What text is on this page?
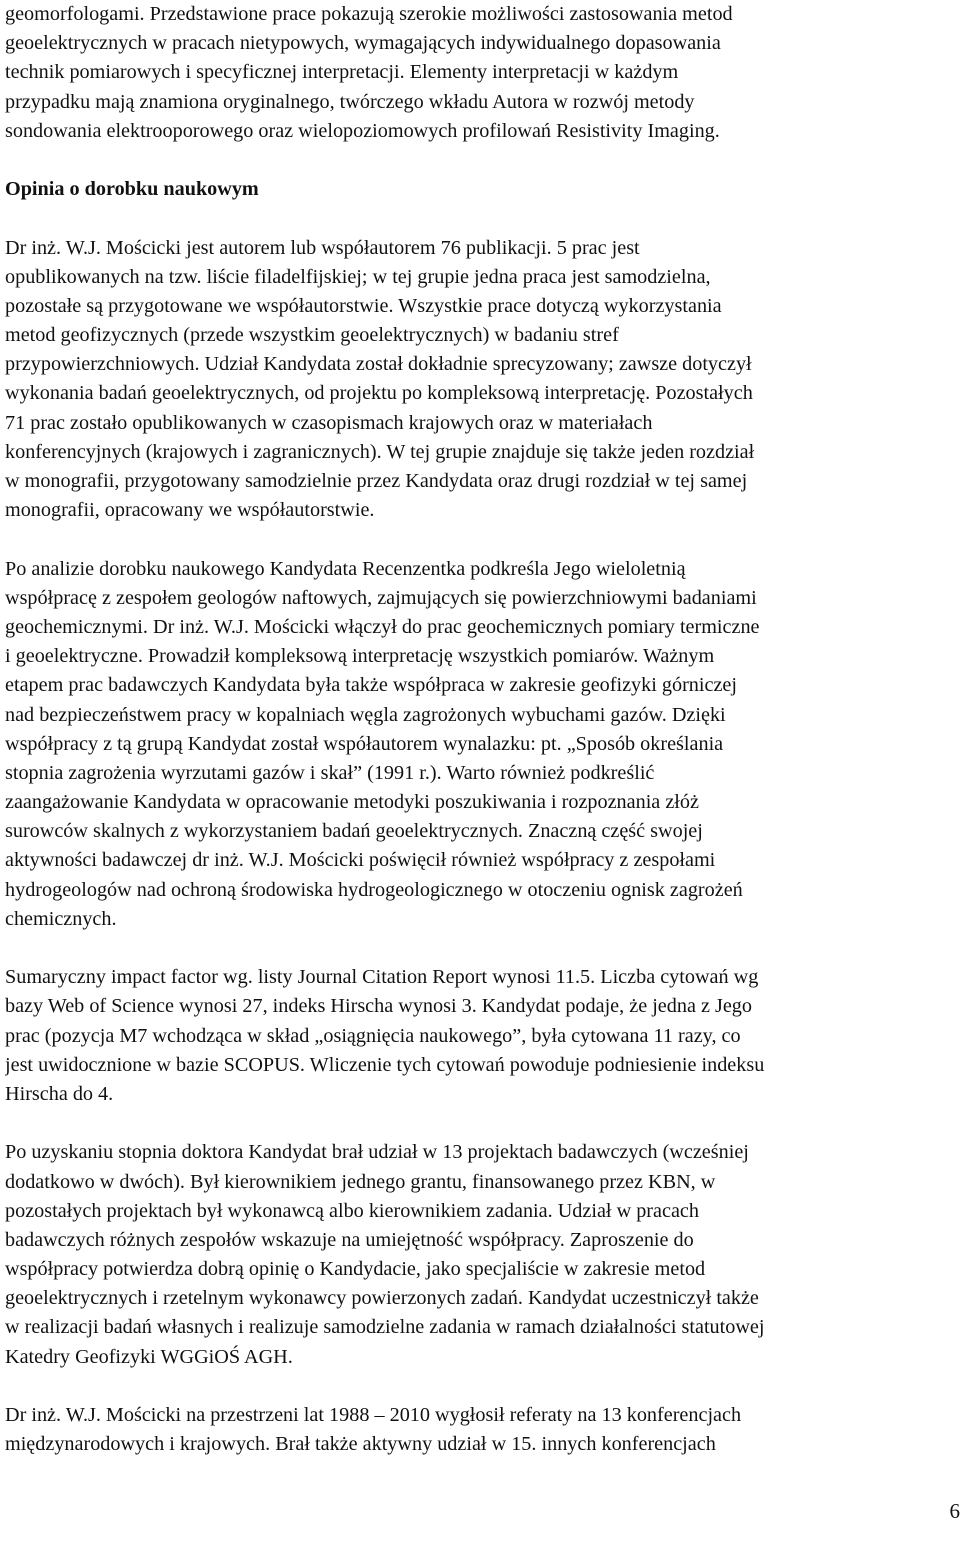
geomorfologami. Przedstawione prace pokazują szerokie możliwości zastosowania metod
geoelektrycznych w pracach nietypowych, wymagających indywidualnego dopasowania
technik pomiarowych i specyficznej interpretacji. Elementy interpretacji w każdym
przypadku mają znamiona oryginalnego, twórczego wkładu Autora w rozwój metody
sondowania elektrooporowego oraz wielopoziomowych profilowań Resistivity Imaging.
Opinia o dorobku naukowym
Dr inż. W.J. Mościcki jest autorem lub współautorem 76 publikacji. 5 prac jest
opublikowanych na tzw. liście filadelfijskiej; w tej grupie jedna praca jest samodzielna,
pozostałe są przygotowane we współautorstwie. Wszystkie prace dotyczą wykorzystania
metod geofizycznych (przede wszystkim geoelektrycznych) w badaniu stref
przypowierzchniowych. Udział Kandydata został dokładnie sprecyzowany; zawsze dotyczył
wykonania badań geoelektrycznych, od projektu po kompleksową interpretację. Pozostałych
71 prac zostało opublikowanych w czasopismach krajowych oraz w materiałach
konferencyjnych (krajowych i zagranicznych). W tej grupie znajduje się także jeden rozdział
w monografii, przygotowany samodzielnie przez Kandydata oraz drugi rozdział w tej samej
monografii, opracowany we współautorstwie.
Po analizie dorobku naukowego Kandydata Recenzentka podkreśla Jego wieloletnią
współpracę z zespołem geologów naftowych, zajmujących się powierzchniowymi badaniami
geochemicznymi. Dr inż. W.J. Mościcki włączył do prac geochemicznych pomiary termiczne
i geoelektryczne. Prowadził kompleksową interpretację wszystkich pomiarów. Ważnym
etapem prac badawczych Kandydata była także współpraca w zakresie geofizyki górniczej
nad bezpieczeństwem pracy w kopalniach węgla zagrożonych wybuchami gazów. Dzięki
współpracy z tą grupą Kandydat został współautorem wynalazku: pt. „Sposób określania
stopnia zagrożenia wyrzutami gazów i skał” (1991 r.). Warto również podkreślić
zaangażowanie Kandydata w opracowanie metodyki poszukiwania i rozpoznania złóż
surowców skalnych z wykorzystaniem badań geoelektrycznych. Znaczną część swojej
aktywności badawczej dr inż. W.J. Mościcki poświęcił również współpracy z zespołami
hydrogeologów nad ochroną środowiska hydrogeologicznego w otoczeniu ognisk zagrożeń
chemicznych.
Sumaryczny impact factor wg. listy Journal Citation Report wynosi 11.5. Liczba cytowań wg
bazy Web of Science wynosi 27, indeks Hirscha wynosi 3. Kandydat podaje, że jedna z Jego
prac (pozycja M7 wchodząca w skład „osiągnięcia naukowego”, była cytowana 11 razy, co
jest uwidocznione w bazie SCOPUS. Wliczenie tych cytowań powoduje podniesienie indeksu
Hirscha do 4.
Po uzyskaniu stopnia doktora Kandydat brał udział w 13 projektach badawczych (wcześniej
dodatkowo w dwóch). Był kierownikiem jednego grantu, finansowanego przez KBN, w
pozostałych projektach był wykonawcą albo kierownikiem zadania. Udział w pracach
badawczych różnych zespołów wskazuje na umiejętność współpracy. Zaproszenie do
współpracy potwierdza dobrą opinię o Kandydacie, jako specjaliście w zakresie metod
geoelektrycznych i rzetelnym wykonawcy powierzonych zadań. Kandydat uczestniczył także
w realizacji badań własnych i realizuje samodzielne zadania w ramach działalności statutowej
Katedry Geofizyki WGGiOŚ AGH.
Dr inż. W.J. Mościcki na przestrzeni lat 1988 – 2010 wygłosił referaty na 13 konferencjach
międzynarodowych i krajowych. Brał także aktywny udział w 15. innych konferencjach
6
